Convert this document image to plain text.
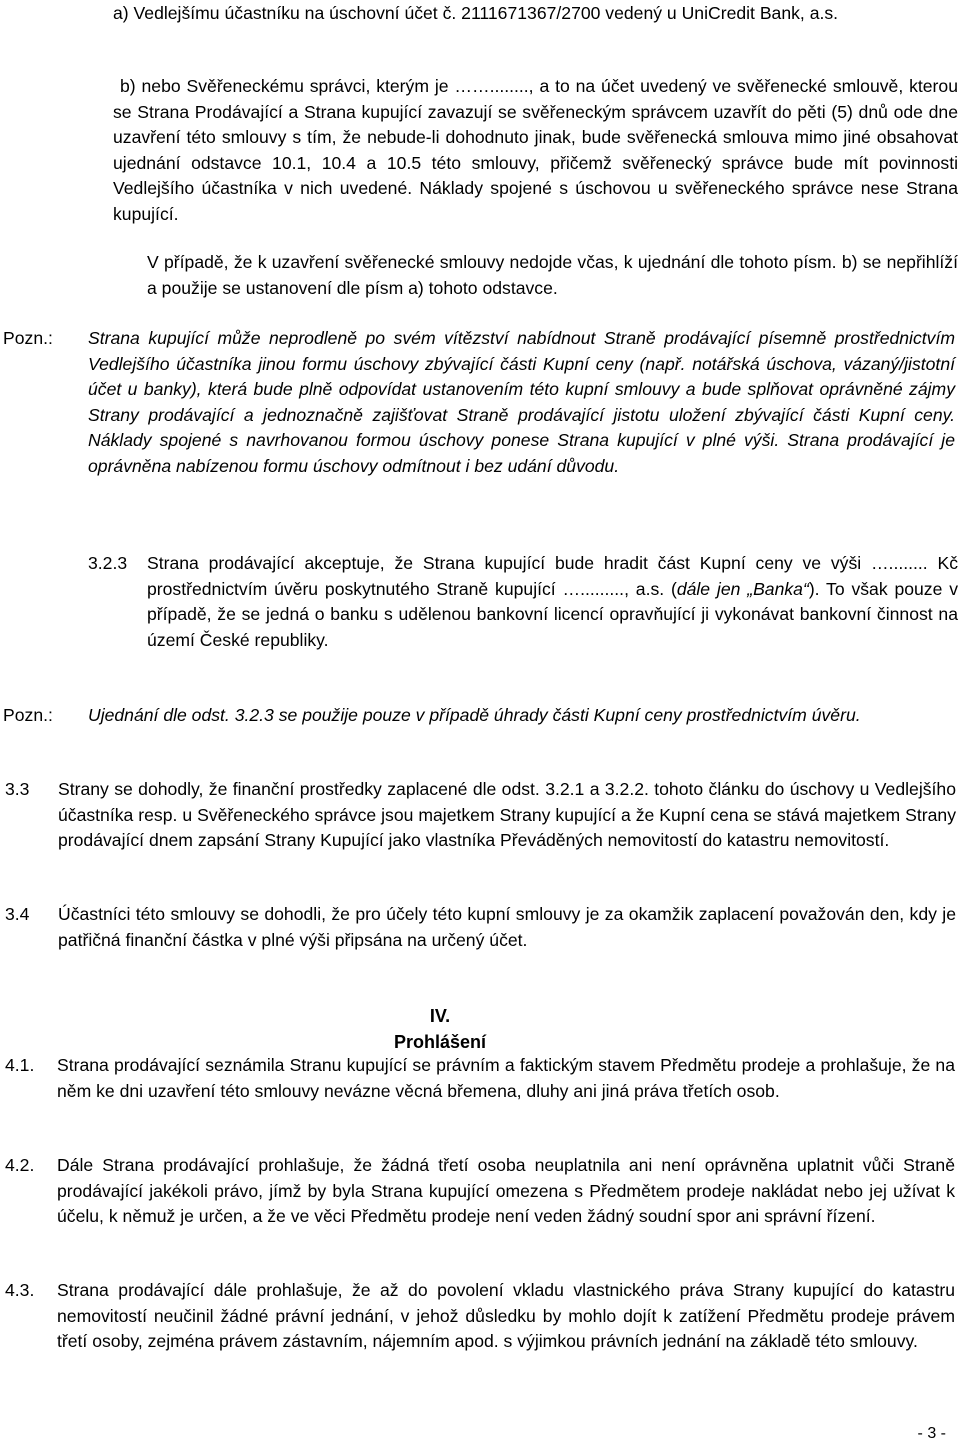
a) Vedlejšímu účastníku na úschovní účet č. 2111671367/2700 vedený u UniCredit Bank, a.s.

b) nebo Svěřeneckému správci, kterým je ……........, a to na účet uvedený ve svěřenecké smlouvě, kterou se Strana Prodávající a Strana kupující zavazují se svěřeneckým správcem uzavřít do pěti (5) dnů ode dne uzavření této smlouvy s tím, že nebude-li dohodnuto jinak, bude svěřenecká smlouva mimo jiné obsahovat ujednání odstavce 10.1, 10.4 a 10.5 této smlouvy, přičemž svěřenecký správce bude mít povinnosti Vedlejšího účastníka v nich uvedené. Náklady spojené s úschovou u svěřeneckého správce nese Strana kupující.

V případě, že k uzavření svěřenecké smlouvy nedojde včas, k ujednání dle tohoto písm. b) se nepřihlíží a použije se ustanovení dle písm a) tohoto odstavce.

Pozn.: Strana kupující může neprodleně po svém vítězství nabídnout Straně prodávající písemně prostřednictvím Vedlejšího účastníka jinou formu úschovy zbývající části Kupní ceny (např. notářská úschova, vázaný/jistotní účet u banky), která bude plně odpovídat ustanovením této kupní smlouvy a bude splňovat oprávněné zájmy Strany prodávající a jednoznačně zajišťovat Straně prodávající jistotu uložení zbývající části Kupní ceny. Náklady spojené s navrhovanou formou úschovy ponese Strana kupující v plné výši. Strana prodávající je oprávněna nabízenou formu úschovy odmítnout i bez udání důvodu.

3.2.3 Strana prodávající akceptuje, že Strana kupující bude hradit část Kupní ceny ve výši …........ Kč prostřednictvím úvěru poskytnutého Straně kupující …........., a.s. (dále jen „Banka“). To však pouze v případě, že se jedná o banku s udělenou bankovní licencí opravňující ji vykonávat bankovní činnost na území České republiky.

Pozn.: Ujednání dle odst. 3.2.3 se použije pouze v případě úhrady části Kupní ceny prostřednictvím úvěru.

3.3 Strany se dohodly, že finanční prostředky zaplacené dle odst. 3.2.1 a 3.2.2. tohoto článku do úschovy u Vedlejšího účastníka resp. u Svěřeneckého správce jsou majetkem Strany kupující a že Kupní cena se stává majetkem Strany prodávající dnem zapsání Strany Kupující jako vlastníka Převáděných nemovitostí do katastru nemovitostí.

3.4 Účastníci této smlouvy se dohodli, že pro účely této kupní smlouvy je za okamžik zaplacení považován den, kdy je patřičná finanční částka v plné výši připsána na určený účet.

IV.
Prohlášení
4.1. Strana prodávající seznámila Stranu kupující se právním a faktickým stavem Předmětu prodeje a prohlašuje, že na něm ke dni uzavření této smlouvy nevázne věcná břemena, dluhy ani jiná práva třetích osob.

4.2. Dále Strana prodávající prohlašuje, že žádná třetí osoba neuplatnila ani není oprávněna uplatnit vůči Straně prodávající jakékoli právo, jímž by byla Strana kupující omezena s Předmětem prodeje nakládat nebo jej užívat k účelu, k němuž je určen, a že ve věci Předmětu prodeje není veden žádný soudní spor ani správní řízení.

4.3. Strana prodávající dále prohlašuje, že až do povolení vkladu vlastnického práva Strany kupující do katastru nemovitostí neučinil žádné právní jednání, v jehož důsledku by mohlo dojít k zatížení Předmětu prodeje právem třetí osoby, zejména právem zástavním, nájemním apod. s výjimkou právních jednání na základě této smlouvy.

- 3 -
